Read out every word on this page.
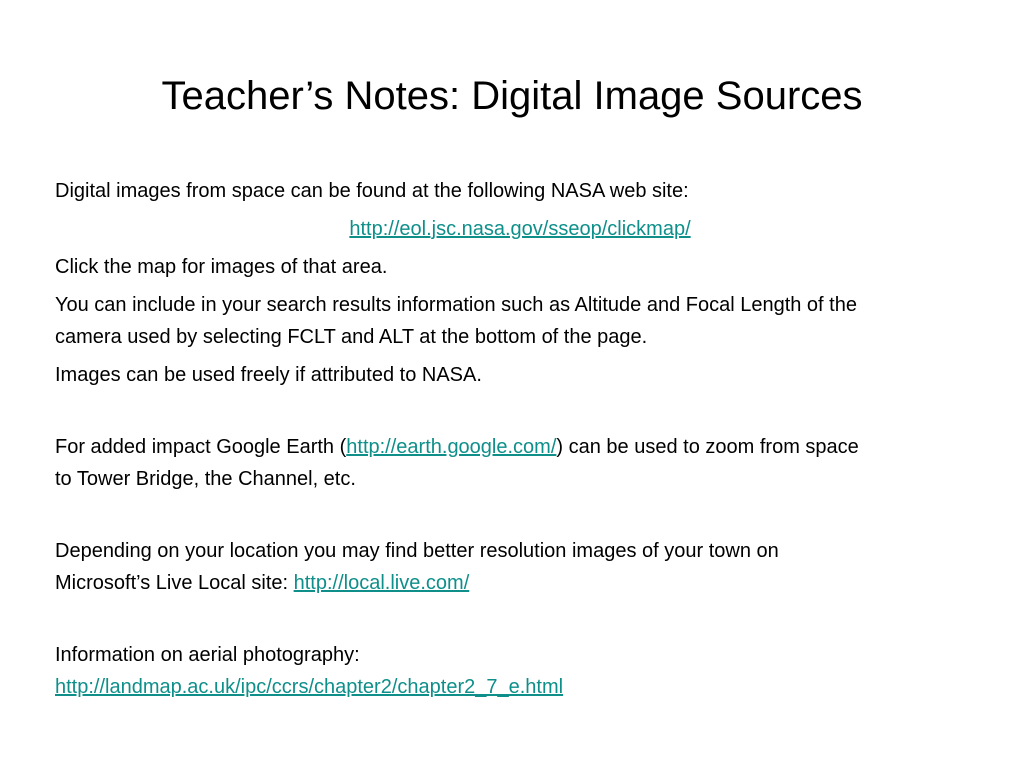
Teacher’s Notes: Digital Image Sources

Digital images from space can be found at the following NASA web site:

http://eol.jsc.nasa.gov/sseop/clickmap/

Click the map for images of that area.

You can include in your search results information such as Altitude and Focal Length of the

camera used by selecting FCLT and ALT at the bottom of the page.

Images can be used freely if attributed to NASA.

For added impact Google Earth (http://earth.google.com/) can be used to zoom from space

to Tower Bridge, the Channel, etc.

Depending on your location you may find better resolution images of your town on

Microsoft’s Live Local site: http://local.live.com/

Information on aerial photography:

http://landmap.ac.uk/ipc/ccrs/chapter2/chapter2_7_e.html
